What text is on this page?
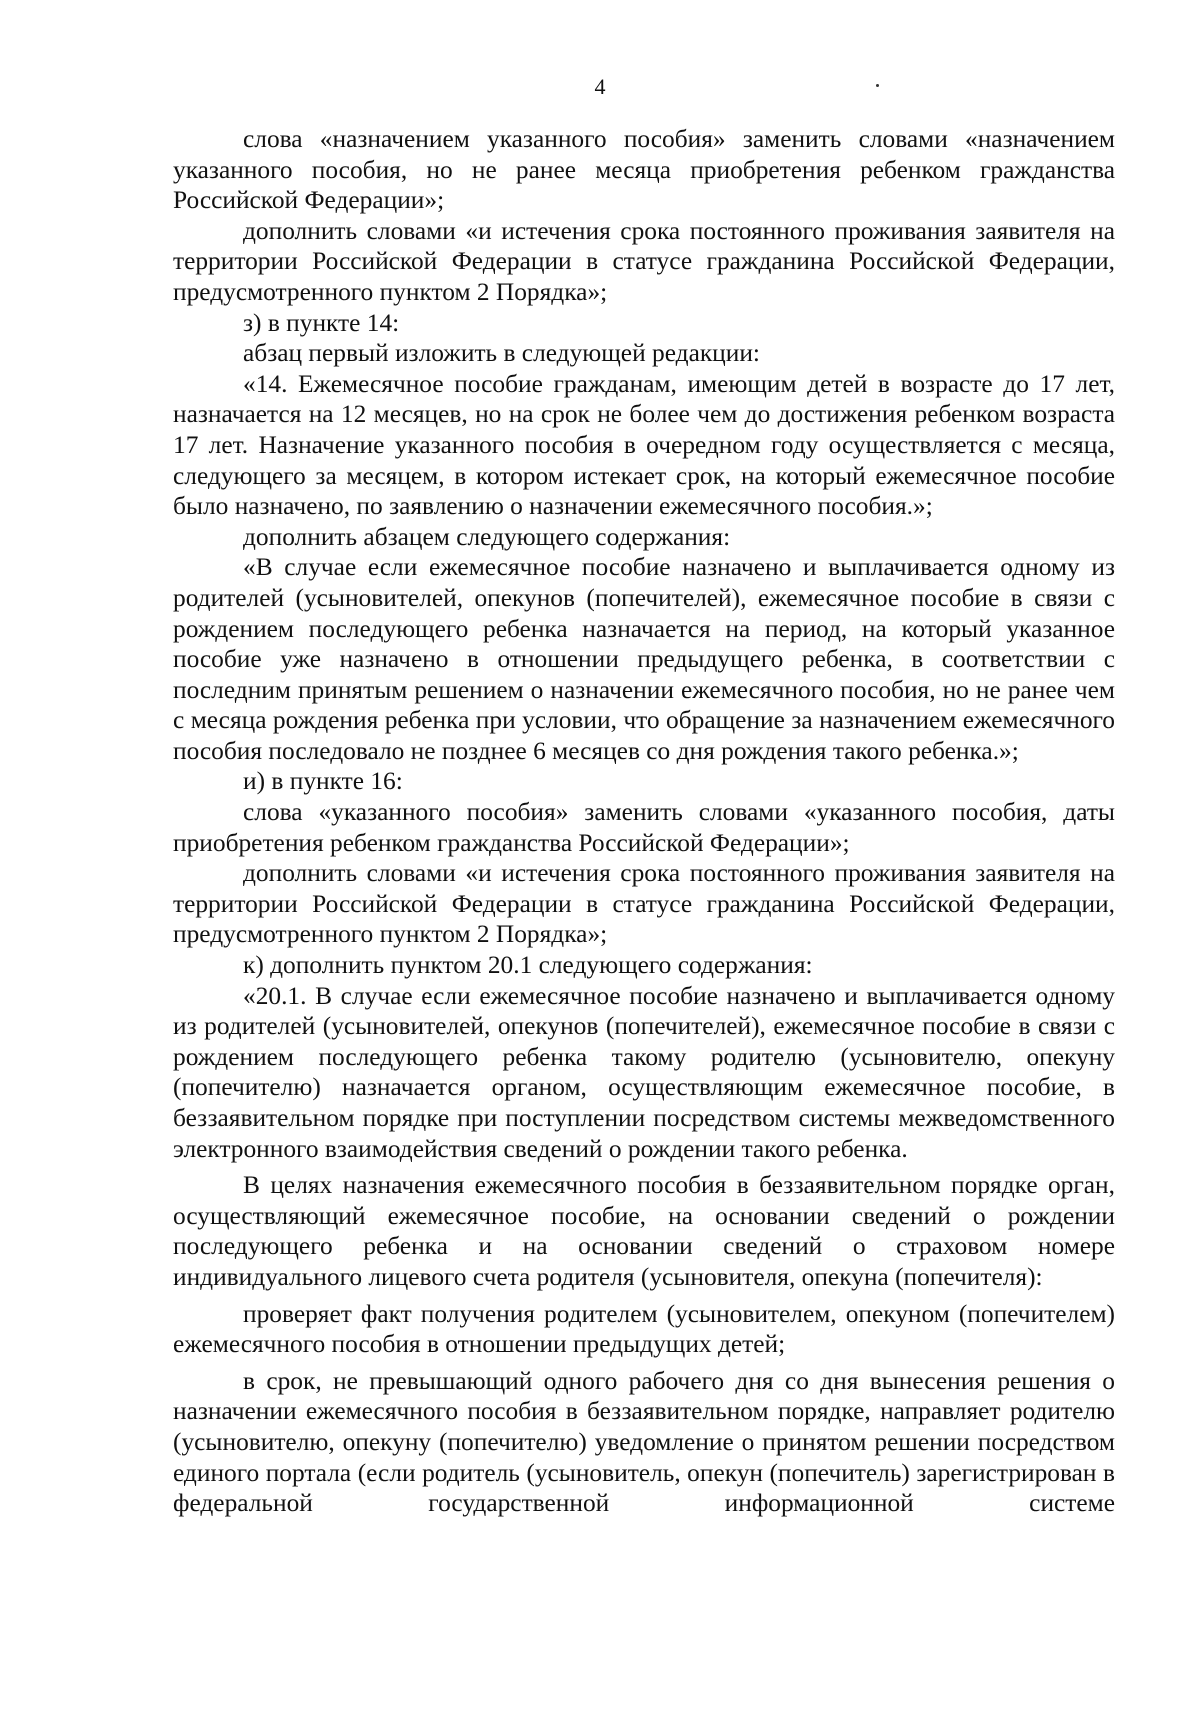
4

слова «назначением указанного пособия» заменить словами «назначением указанного пособия, но не ранее месяца приобретения ребенком гражданства Российской Федерации»;

дополнить словами «и истечения срока постоянного проживания заявителя на территории Российской Федерации в статусе гражданина Российской Федерации, предусмотренного пунктом 2 Порядка»;

з) в пункте 14:

абзац первый изложить в следующей редакции:

«14. Ежемесячное пособие гражданам, имеющим детей в возрасте до 17 лет, назначается на 12 месяцев, но на срок не более чем до достижения ребенком возраста 17 лет. Назначение указанного пособия в очередном году осуществляется с месяца, следующего за месяцем, в котором истекает срок, на который ежемесячное пособие было назначено, по заявлению о назначении ежемесячного пособия.»;

дополнить абзацем следующего содержания:

«В случае если ежемесячное пособие назначено и выплачивается одному из родителей (усыновителей, опекунов (попечителей), ежемесячное пособие в связи с рождением последующего ребенка назначается на период, на который указанное пособие уже назначено в отношении предыдущего ребенка, в соответствии с последним принятым решением о назначении ежемесячного пособия, но не ранее чем с месяца рождения ребенка при условии, что обращение за назначением ежемесячного пособия последовало не позднее 6 месяцев со дня рождения такого ребенка.»;

и) в пункте 16:

слова «указанного пособия» заменить словами «указанного пособия, даты приобретения ребенком гражданства Российской Федерации»;

дополнить словами «и истечения срока постоянного проживания заявителя на территории Российской Федерации в статусе гражданина Российской Федерации, предусмотренного пунктом 2 Порядка»;

к) дополнить пунктом 20.1 следующего содержания:

«20.1. В случае если ежемесячное пособие назначено и выплачивается одному из родителей (усыновителей, опекунов (попечителей), ежемесячное пособие в связи с рождением последующего ребенка такому родителю (усыновителю, опекуну (попечителю) назначается органом, осуществляющим ежемесячное пособие, в беззаявительном порядке при поступлении посредством системы межведомственного электронного взаимодействия сведений о рождении такого ребенка.

В целях назначения ежемесячного пособия в беззаявительном порядке орган, осуществляющий ежемесячное пособие, на основании сведений о рождении последующего ребенка и на основании сведений о страховом номере индивидуального лицевого счета родителя (усыновителя, опекуна (попечителя):

проверяет факт получения родителем (усыновителем, опекуном (попечителем) ежемесячного пособия в отношении предыдущих детей;

в срок, не превышающий одного рабочего дня со дня вынесения решения о назначении ежемесячного пособия в беззаявительном порядке, направляет родителю (усыновителю, опекуну (попечителю) уведомление о принятом решении посредством единого портала (если родитель (усыновитель, опекун (попечитель) зарегистрирован в федеральной государственной информационной системе
